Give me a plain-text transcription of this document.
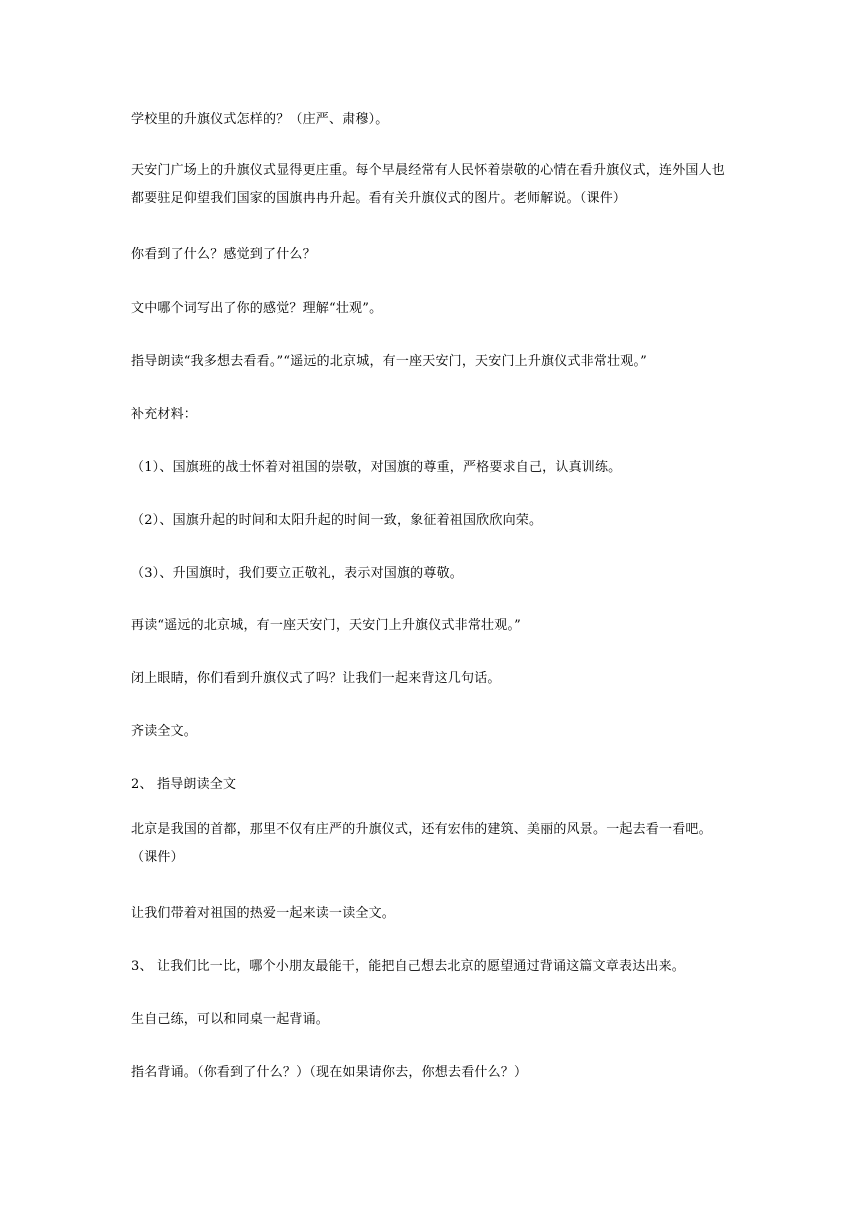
学校里的升旗仪式怎样的？（庄严、肃穆）。
天安门广场上的升旗仪式显得更庄重。每个早晨经常有人民怀着崇敬的心情在看升旗仪式，连外国人也都要驻足仰望我们国家的国旗冉冉升起。看有关升旗仪式的图片。老师解说。（课件）
你看到了什么？感觉到了什么？
文中哪个词写出了你的感觉？理解“壮观”。
指导朗读“我多想去看看。”“遥远的北京城，有一座天安门，天安门上升旗仪式非常壮观。”
补充材料：
（1）、国旗班的战士怀着对祖国的崇敬，对国旗的尊重，严格要求自己，认真训练。
（2）、国旗升起的时间和太阳升起的时间一致，象征着祖国欣欣向荣。
（3）、升国旗时，我们要立正敬礼，表示对国旗的尊敬。
再读“遥远的北京城，有一座天安门，天安门上升旗仪式非常壮观。”
闭上眼睛，你们看到升旗仪式了吗？让我们一起来背这几句话。
齐读全文。
2、 指导朗读全文
北京是我国的首都，那里不仅有庄严的升旗仪式，还有宏伟的建筑、美丽的风景。一起去看一看吧。（课件）
让我们带着对祖国的热爱一起来读一读全文。
3、 让我们比一比，哪个小朋友最能干，能把自己想去北京的愿望通过背诵这篇文章表达出来。
生自己练，可以和同桌一起背诵。
指名背诵。（你看到了什么？）（现在如果请你去，你想去看什么？）
